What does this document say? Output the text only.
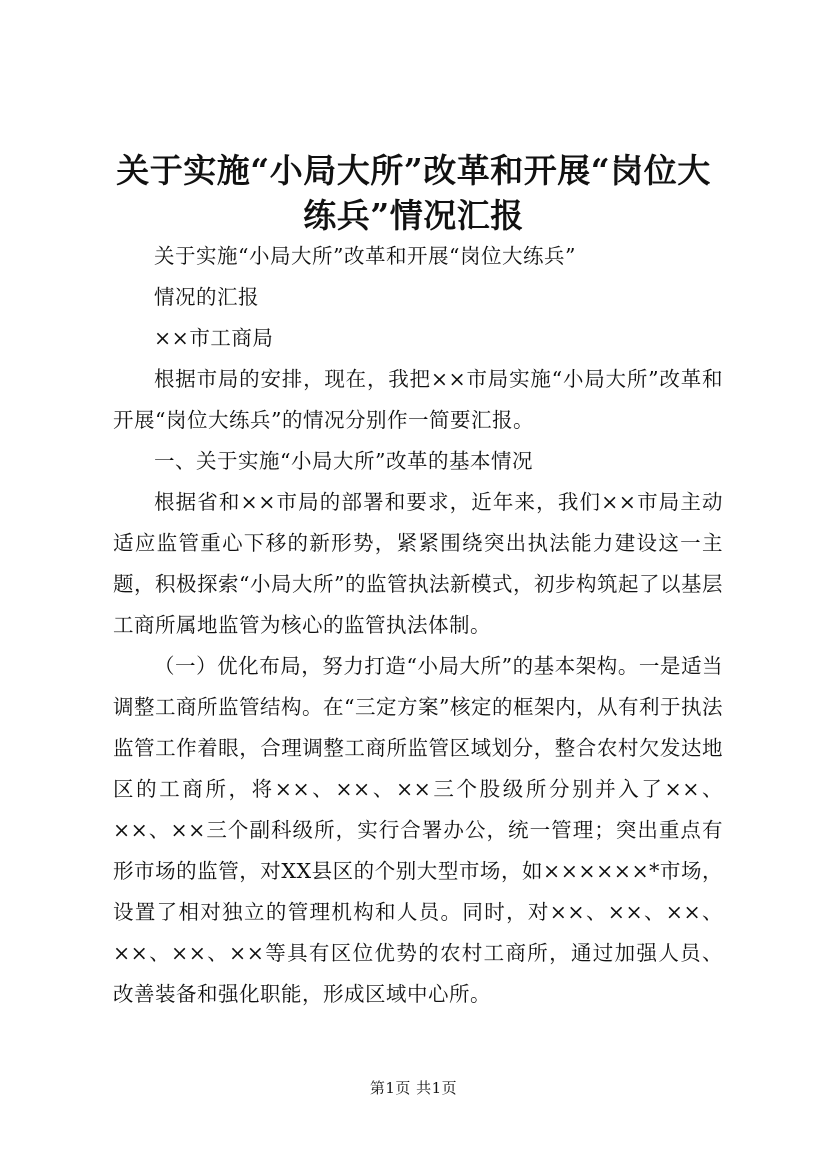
关于实施“小局大所”改革和开展“岗位大练兵”情况汇报

关于实施“小局大所”改革和开展“岗位大练兵”

情况的汇报

××市工商局

根据市局的安排，现在，我把××市局实施“小局大所”改革和开展“岗位大练兵”的情况分别作一简要汇报。

一、关于实施“小局大所”改革的基本情况

根据省和××市局的部署和要求，近年来，我们××市局主动适应监管重心下移的新形势，紧紧围绕突出执法能力建设这一主题，积极探索“小局大所”的监管执法新模式，初步构筑起了以基层工商所属地监管为核心的监管执法体制。

（一）优化布局，努力打造“小局大所”的基本架构。一是适当调整工商所监管结构。在“三定方案”核定的框架内，从有利于执法监管工作着眼，合理调整工商所监管区域划分，整合农村欠发达地区的工商所，将××、××、××三个股级所分别并入了××、××、××三个副科级所，实行合署办公，统一管理；突出重点有形市场的监管，对XX县区的个别大型市场，如××××××*市场，设置了相对独立的管理机构和人员。同时，对××、××、××、××、××、××等具有区位优势的农村工商所，通过加强人员、改善装备和强化职能，形成区域中心所。

第1页 共1页
